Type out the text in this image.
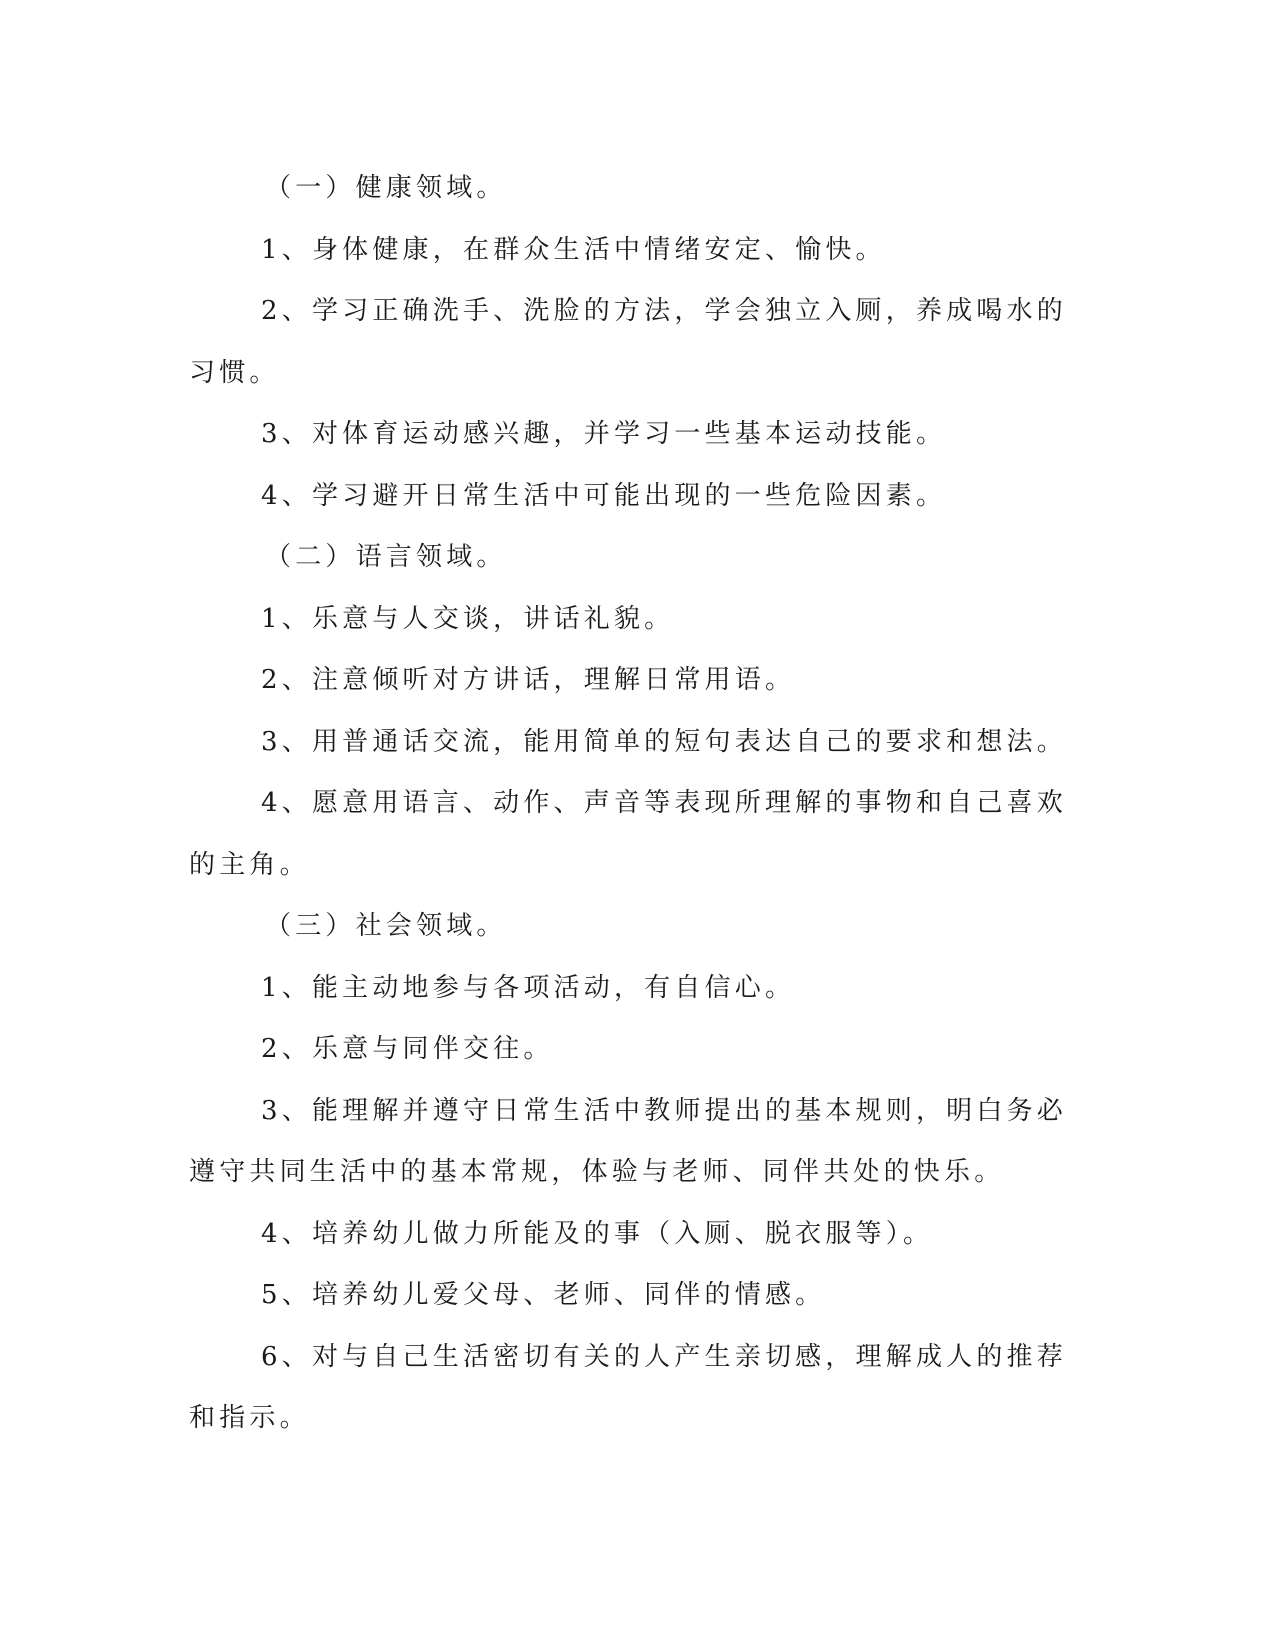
（一）健康领域。

1、身体健康，在群众生活中情绪安定、愉快。

2、学习正确洗手、洗脸的方法，学会独立入厕，养成喝水的习惯。

3、对体育运动感兴趣，并学习一些基本运动技能。

4、学习避开日常生活中可能出现的一些危险因素。

（二）语言领域。

1、乐意与人交谈，讲话礼貌。

2、注意倾听对方讲话，理解日常用语。

3、用普通话交流，能用简单的短句表达自己的要求和想法。

4、愿意用语言、动作、声音等表现所理解的事物和自己喜欢的主角。

（三）社会领域。

1、能主动地参与各项活动，有自信心。

2、乐意与同伴交往。

3、能理解并遵守日常生活中教师提出的基本规则，明白务必遵守共同生活中的基本常规，体验与老师、同伴共处的快乐。

4、培养幼儿做力所能及的事（入厕、脱衣服等）。

5、培养幼儿爱父母、老师、同伴的情感。

6、对与自己生活密切有关的人产生亲切感，理解成人的推荐和指示。
